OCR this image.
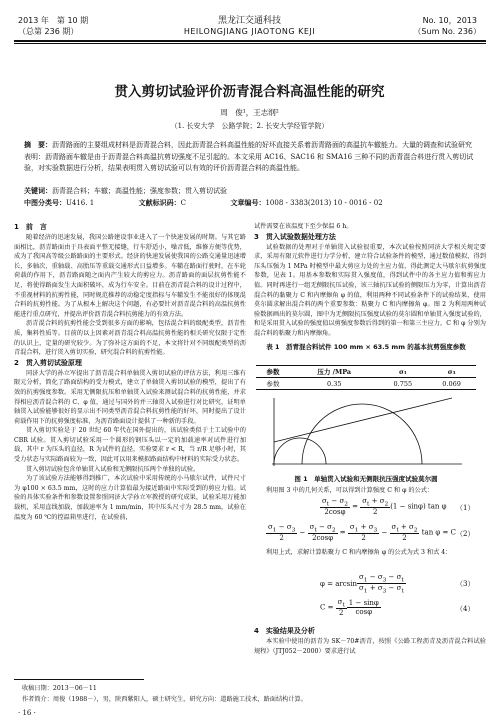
2013 年　第 10 期
（总第 236 期）
黑龙江交通科技
HEILONGJIANG JIAOTONG KEJI
No. 10，2013
（Sum No. 236）
贯入剪切试验评价沥青混合料高温性能的研究
周　俊¹，王志纲²
（1. 长安大学　公路学院；2. 长安大学经管学院）
摘　要：沥青路面的主要组成材料是沥青混合料，因此沥青混合料高温性能的好坏直接关系着沥青路面的高温抗车辙能力。大量的调查和试验研究表明：沥青路面车辙是由于沥青混合料高温抗剪切强度不足引起的。本文采用 AC16、SAC16 和 SMA16 三种不同的沥青混合料进行贯入剪切试验，对实验数据进行分析，结果表明贯入剪切试验可以有效的评价沥青混合料的高温性能。
关键词：沥青混合料；车辙；高温性能；强度参数；贯入剪切试验
中图分类号：U416. 1	文献标识码：C	文章编号：1008 - 3383(2013) 10 - 0016 - 02
1　前　言

随着经济的迅速发展，我国公路建设事业进入了一个快速发展的时期。与其它路面相比，沥青路面由于具表面平整无接缝，行车舒适小，噪音低，维修方便等优势，成为了我国高等级公路路面的主要形式。经济的快速发展使我国的公路交通量迅速增长，多轴次、重轴载、高胎压等重载交通形式日益增多。车辙在路面行驶时，在车轮荷载的作用下，沥青路面随之面内产生较大的剪应力。沥青路面的面层抗剪性能不足，将使得路面发生大面积破坏，成为行车安全。目前在沥青混合料的设计过程中，不重视材料的抗剪性能，同时规范推荐的动稳定度指标与车辙发生不能很好的体现混合料的抗剪性能。为了从根本上解决这个问题，有必要针对沥青混合料的高温抗剪性能进行重点研究，并提出评价沥青混合料抗剪能力的有效方法。

沥青混合料的抗剪性能会受到很多方面的影响，包括混合料的级配类型，沥青性质，集料性质等。目前的以上因素对沥青混合料高温抗剪性能的相关研究仅限于定性的认识上，定量的研究较少。为了弥补这方面的不足，本文将针对不同级配类型的沥青混合料，进行贯入剪切实验，研究混合料的抗剪性能。

2　贯入剪切试验原理

同济大学的孙立军提出了沥青混合料单轴贯入剪切试验的评估方法，利用三维有限元分析，简化了路面结构的受力模式，建立了单轴贯入剪切试验的模型，提出了有效的抗剪强度参数。采用无侧限抗压和单轴贯入试验来测试混合料的抗剪性能，并求得相应沥青混合料的 C、φ 值，通过与国外的并三轴贯入试验进行对比研究，证明单轴贯入试验能够很好的显示出不同类型沥青混合料抗剪性能的好坏，同时提出了设计荷载作用下的抗剪强度标准，为沥青路面设计提供了一种新的手段。

贯入剪切实验是于 20 世纪 60 年代在国外提出的，该试验类似于土工试验中的 CBR 试验。贯入剪切试验采用一个圆形的钢压头以一定的加载速率对试件进行加载，其中 r 为压头的直径，R 为试件的直径，实验要求 r < R，当 r/R 足够小时，其受力状态与实际路面较为一致，因此可以用来模拟路面结构中材料的实际受力状态。

贯入剪切试验包含单轴贯入试验和无侧限抗压两个单独的试验。

为了该试验方法能够得到推广，本次试验中采用传统的小马歇尔试件，试件尺寸为 φ100 × 63.5 mm，这时的应力计算值最为接近路面中实际受到的剪应力值。试验的具体实验条件和参数设置参照同济大学孙立军教授的研究成果，试验采用万能加载机，采用直线加载，加载速率为 1 mm/min，其中压头尺寸为 28.5 mm，试验在温度为 60 ℃的控温箱里进行，在试验前，

试件需要在该温度下至少保温 6 h。

3　贯入试验数据处理方法

试验数据的处理对于单轴贯入试验很重要，本次试验按照同济大学相关规定要求，采用有限元软件进行力学分析，建立符合试验条件的模型，通过数值模拟，得到压头压强为 1 MPa 时模型中最大剪应力处的主应力值，得此测定大马歇尔抗剪强度参数，见表 1。用基本参数和实际贯入强度值，得到试件中的各主应力值和剪应力值。同时再进行一组无侧限抗压试验，该三轴抗压试验的侧限压力为零，计算出沥青混合料的黏聚力 C 和内摩擦角 φ 的值，利用两种不同试验条件下的试验结果，使用莫尔圆求解出混合料的两个重要参数：粘聚力 C 和内摩擦角 φ。图 2 为利用两种试验数据画出的莫尔圆，图中为无侧限抗压强度试验的莫尔圆和单轴贯入强度试验的，和是采用贯入试验的强度值以剪强度参数后得到的第一和第三主应力，C 和 φ 分别为混合料的粘聚力和内摩擦角。

表 1　沥青混合料试件 100 mm × 63.5 mm 的基本抗剪强度参数
参数	压力 /MPa	σ₁	σ₃
参数	0.35	0.755	0.069
图 1　单轴贯入试验和无侧限抗压强度试验莫尔圆

利用图 3 中的几何关系，可以得到计算强度 C 和 φ 的公式：

$\frac{\sigma_t - \sigma_2}{2\cos\varphi} = \frac{\sigma_t + \sigma_2}{2} (1 - \sin\varphi)$ tan φ （1）
$\frac{\sigma_1 - \sigma_3}{2} - \frac{\sigma_t - \sigma_2}{2\cos\varphi} = \frac{\sigma_1 + \sigma_3}{2} - \frac{\sigma_t + \sigma_2}{2}$ tan φ = C （2）

利用上式，求解计算粘聚力 C 和内摩擦角 φ 的公式为式 3 和式 4：

$\varphi = \arcsin \frac{\sigma_1 - \sigma_3 - \sigma_t}{\sigma_1 + \sigma_3 - \sigma_t}$	（3）
$C = \frac{\sigma_t}{2} \frac{1 - \sin\varphi}{\cos\varphi}$	（4）
4　实验结果及分析

本实验中使用的沥青为 SK－70#沥青，按照《公路工程沥青及沥青混合料试验规程》（JTJ052－2000）要求进行试

收稿日期：2013－06－11
作者简介：周俊（1988－），男，陕西紫阳人，硕士研究生，研究方向：道路施工技术，路面结构计算。
· 16 ·
